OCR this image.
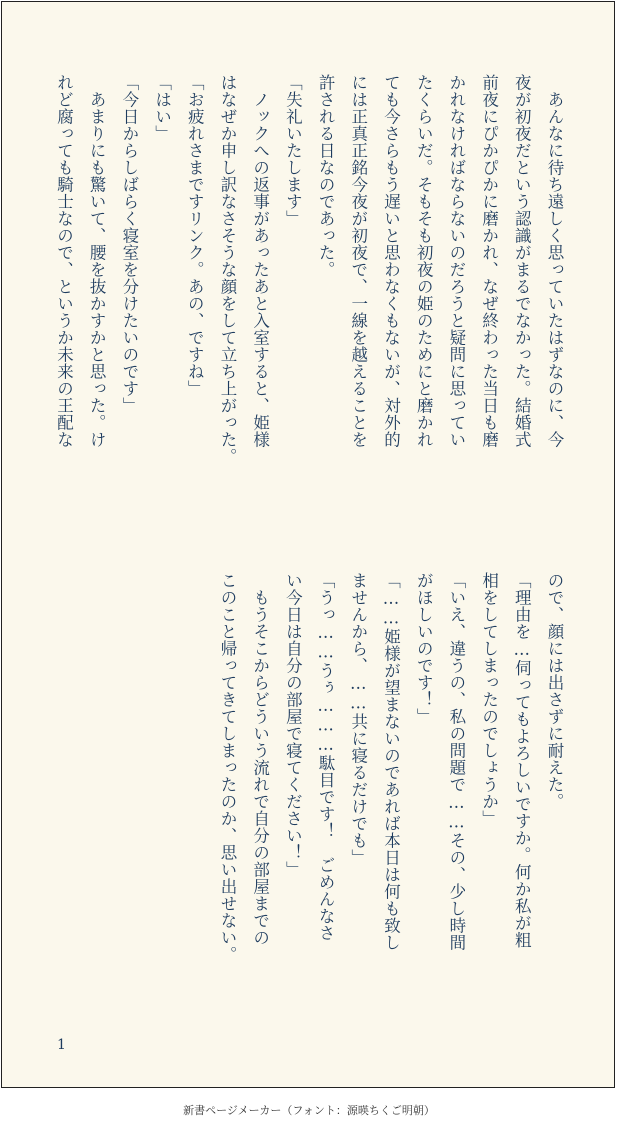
　あんなに待ち遠しく思っていたはずなのに、今
夜が初夜だという認識がまるでなかった。結婚式
前夜にぴかぴかに磨かれ、なぜ終わった当日も磨
かれなければならないのだろうと疑問に思ってい
たくらいだ。そもそも初夜の姫のためにと磨かれ
ても今さらもう遅いと思わなくもないが、対外的
には正真正銘今夜が初夜で、一線を越えることを
許される日なのであった。
「失礼いたします」
　ノックへの返事があったあと入室すると、姫様
はなぜか申し訳なさそうな顔をして立ち上がった。
「お疲れさまですリンク。あの、ですね」
「はい」
「今日からしばらく寝室を分けたいのです」
　あまりにも驚いて、腰を抜かすかと思った。け
れど腐っても騎士なので、というか未来の王配な
ので、顔には出さずに耐えた。
「理由を…伺ってもよろしいですか。何か私が粗
相をしてしまったのでしょうか」
「いえ、違うの、私の問題で……その、少し時間
がほしいのです！」
「……姫様が望まないのであれば本日は何も致し
ませんから、……共に寝るだけでも」
「うっ……うぅ………駄目です！　ごめんなさ
い今日は自分の部屋で寝てください！」
　もうそこからどういう流れで自分の部屋までの
このこと帰ってきてしまったのか、思い出せない。
1
新書ページメーカー（フォント：源暎ちくご明朝）
